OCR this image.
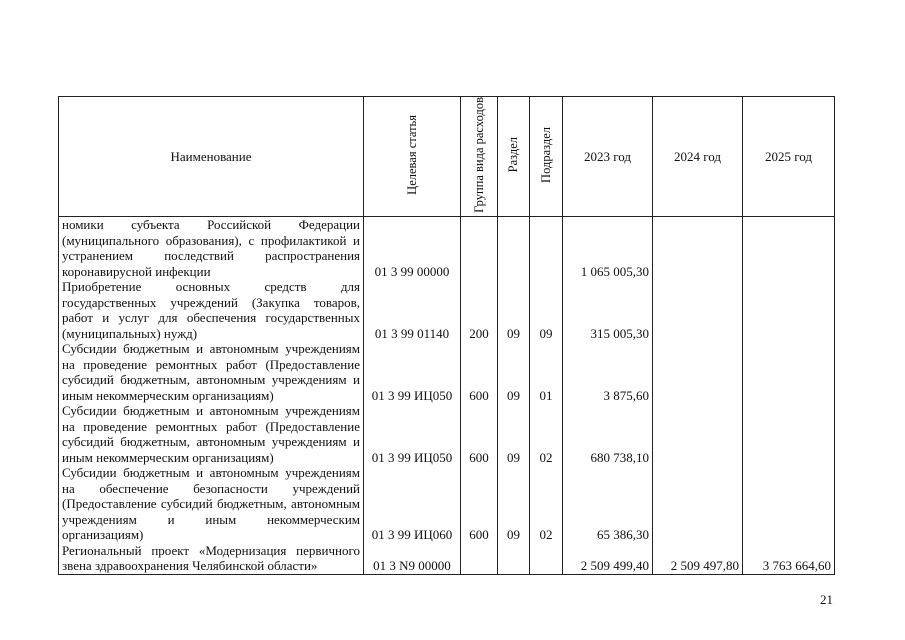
Наименование	Целевая статья	Группа вида расходов	Раздел	Подраздел	2023 год	2024 год	2025 год
номики субъекта Российской Федерации (муниципального образования), с профилактикой и устранением последствий распространения коронавирусной инфекции	01 3 99 00000				1 065 005,30		
Приобретение основных средств для государственных учреждений (Закупка товаров, работ и услуг для обеспечения государственных (муниципальных) нужд)	01 3 99 01140	200	09	09	315 005,30		
Субсидии бюджетным и автономным учреждениям на проведение ремонтных работ (Предоставление субсидий бюджетным, автономным учреждениям и иным некоммерческим организациям)	01 3 99 ИЦ050	600	09	01	3 875,60		
Субсидии бюджетным и автономным учреждениям на проведение ремонтных работ (Предоставление субсидий бюджетным, автономным учреждениям и иным некоммерческим организациям)	01 3 99 ИЦ050	600	09	02	680 738,10		
Субсидии бюджетным и автономным учреждениям на обеспечение безопасности учреждений (Предоставление субсидий бюджетным, автономным учреждениям и иным некоммерческим организациям)	01 3 99 ИЦ060	600	09	02	65 386,30		
Региональный проект «Модернизация первичного звена здравоохранения Челябинской области»	01 3 N9 00000				2 509 499,40	2 509 497,80	3 763 664,60
21
